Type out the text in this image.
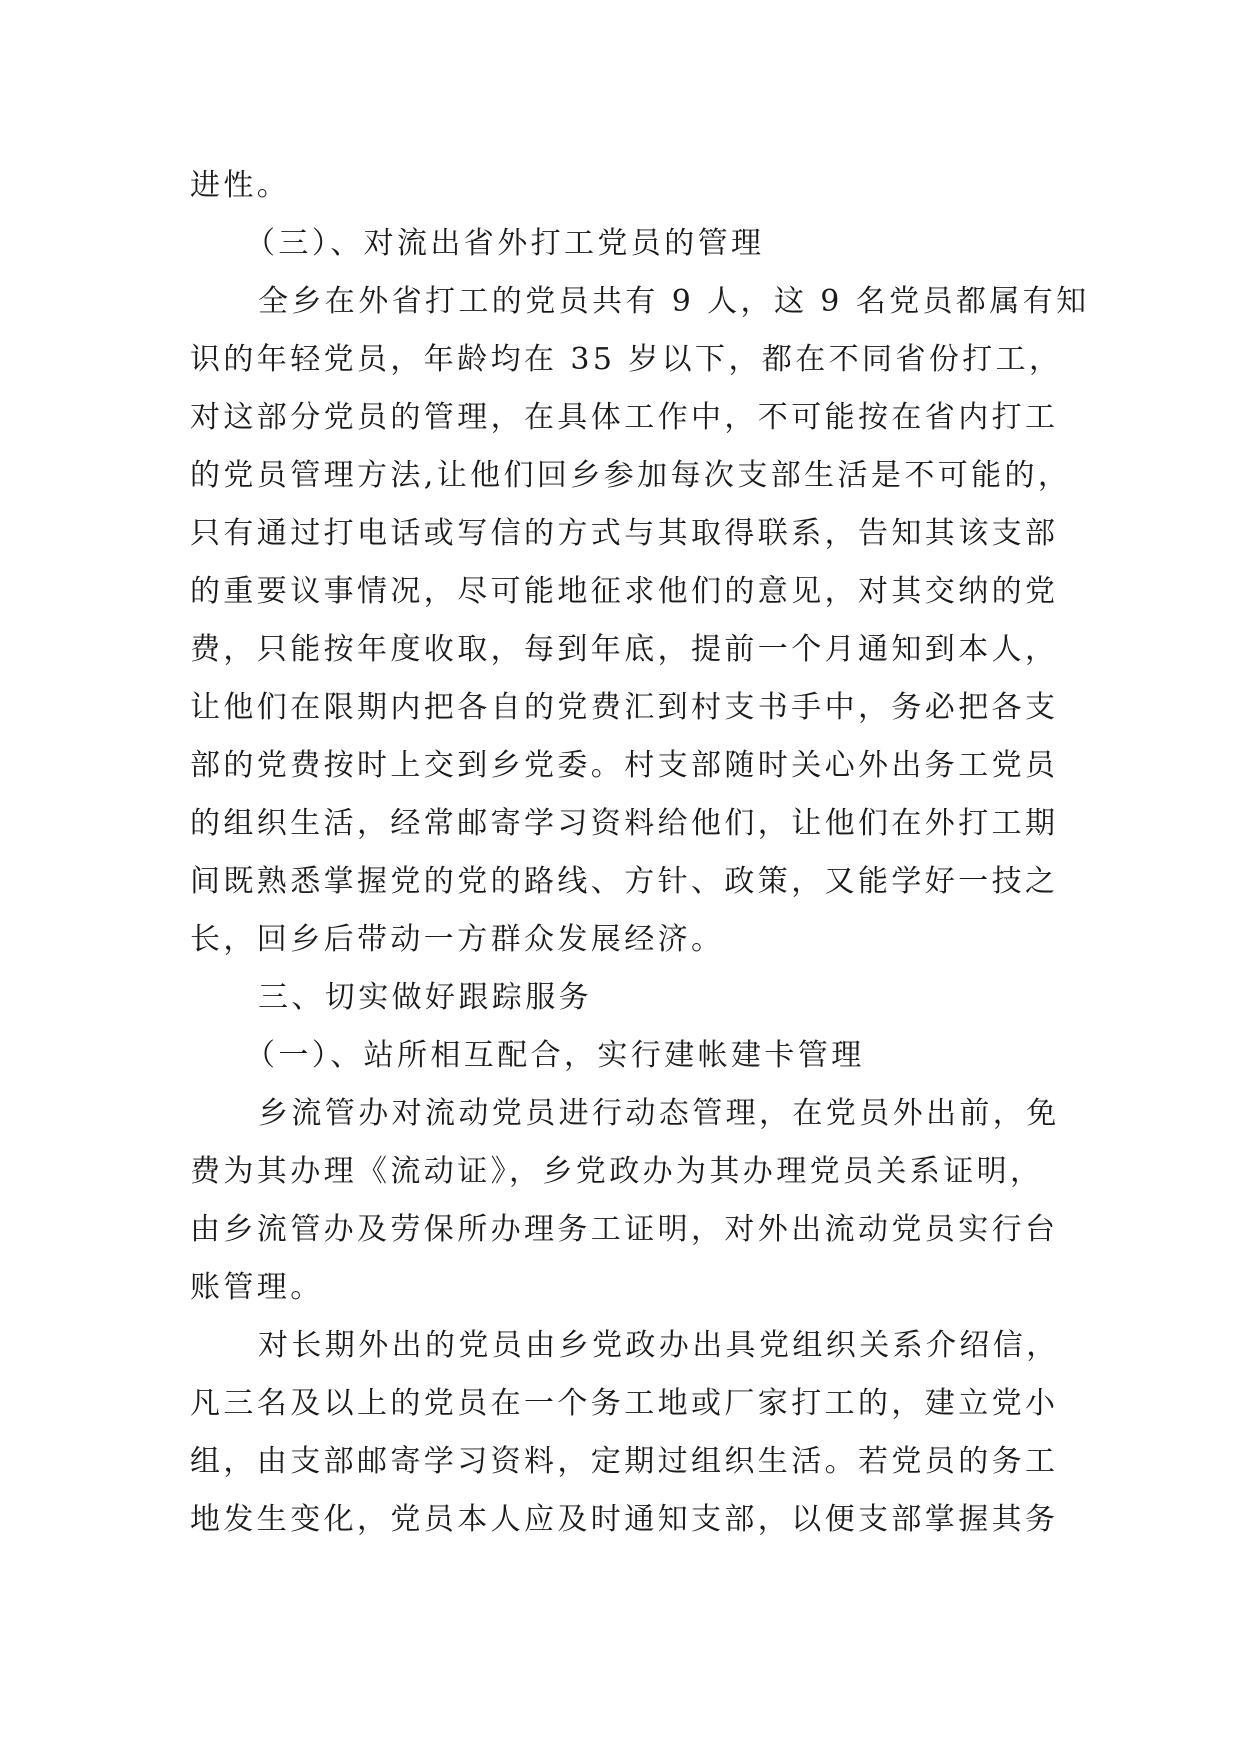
进性。
（三）、对流出省外打工党员的管理
全乡在外省打工的党员共有 9 人，这 9 名党员都属有知
识的年轻党员，年龄均在 35 岁以下，都在不同省份打工，
对这部分党员的管理，在具体工作中，不可能按在省内打工
的党员管理方法,让他们回乡参加每次支部生活是不可能的，
只有通过打电话或写信的方式与其取得联系，告知其该支部
的重要议事情况，尽可能地征求他们的意见，对其交纳的党
费，只能按年度收取，每到年底，提前一个月通知到本人，
让他们在限期内把各自的党费汇到村支书手中，务必把各支
部的党费按时上交到乡党委。村支部随时关心外出务工党员
的组织生活，经常邮寄学习资料给他们，让他们在外打工期
间既熟悉掌握党的党的路线、方针、政策，又能学好一技之
长，回乡后带动一方群众发展经济。
三、切实做好跟踪服务
（一）、站所相互配合，实行建帐建卡管理
乡流管办对流动党员进行动态管理，在党员外出前，免
费为其办理《流动证》，乡党政办为其办理党员关系证明，
由乡流管办及劳保所办理务工证明，对外出流动党员实行台
账管理。
对长期外出的党员由乡党政办出具党组织关系介绍信，
凡三名及以上的党员在一个务工地或厂家打工的，建立党小
组，由支部邮寄学习资料，定期过组织生活。若党员的务工
地发生变化，党员本人应及时通知支部，以便支部掌握其务
